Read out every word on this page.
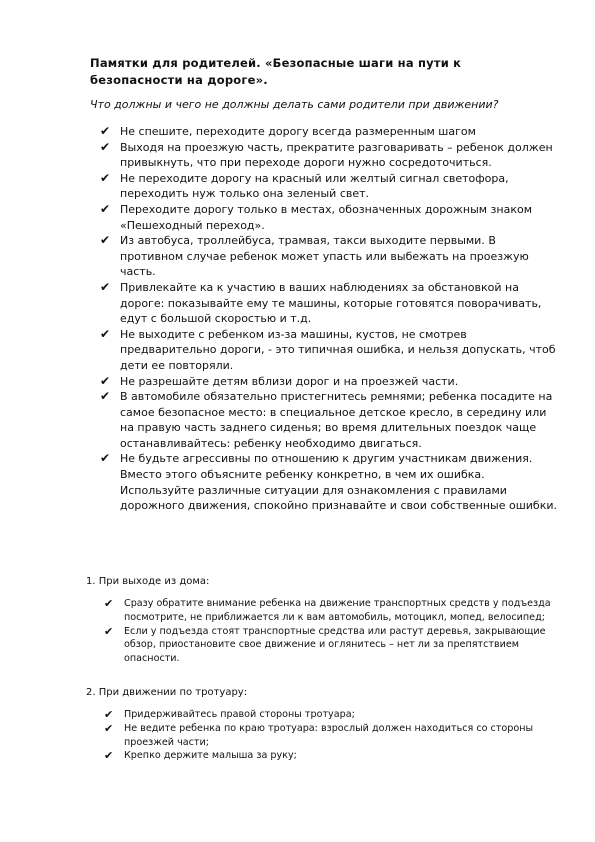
Памятки для родителей. «Безопасные шаги на пути к безопасности на дороге».
Что должны и чего не должны делать сами родители при движении?
✔ Не спешите, переходите дорогу всегда размеренным шагом
✔ Выходя на проезжую часть, прекратите разговаривать – ребенок должен привыкнуть, что при переходе дороги нужно сосредоточиться.
✔ Не переходите дорогу на красный или желтый сигнал светофора, переходить нуж только она зеленый свет.
✔ Переходите дорогу только в местах, обозначенных дорожным знаком «Пешеходный переход».
✔ Из автобуса, троллейбуса, трамвая, такси выходите первыми. В противном случае ребенок может упасть или выбежать на проезжую часть.
✔ Привлекайте ка к участию в ваших наблюдениях за обстановкой на дороге: показывайте ему те машины, которые готовятся поворачивать, едут с большой скоростью и т.д.
✔ Не выходите с ребенком из-за машины, кустов, не смотрев предварительно дороги, - это типичная ошибка, и нельзя допускать, чтоб дети ее повторяли.
✔ Не разрешайте детям вблизи дорог и на проезжей части.
✔ В автомобиле обязательно пристегнитесь ремнями; ребенка посадите на самое безопасное место: в специальное детское кресло, в середину или на правую часть заднего сиденья; во время длительных поездок чаще останавливайтесь: ребенку необходимо двигаться.
✔ Не будьте агрессивны по отношению к другим участникам движения. Вместо этого объясните ребенку конкретно, в чем их ошибка. Используйте различные ситуации для ознакомления с правилами дорожного движения, спокойно признавайте и свои собственные ошибки.
1. При выходе из дома:
✔ Сразу обратите внимание ребенка на движение транспортных средств у подъезда посмотрите, не приближается ли к вам автомобиль, мотоцикл, мопед, велосипед;
✔ Если у подъезда стоят транспортные средства или растут деревья, закрывающие обзор, приостановите свое движение и оглянитесь – нет ли за препятствием опасности.
2. При движении по тротуару:
✔ Придерживайтесь правой стороны тротуара;
✔ Не ведите ребенка по краю тротуара: взрослый должен находиться со стороны проезжей части;
✔ Крепко держите малыша за руку;
